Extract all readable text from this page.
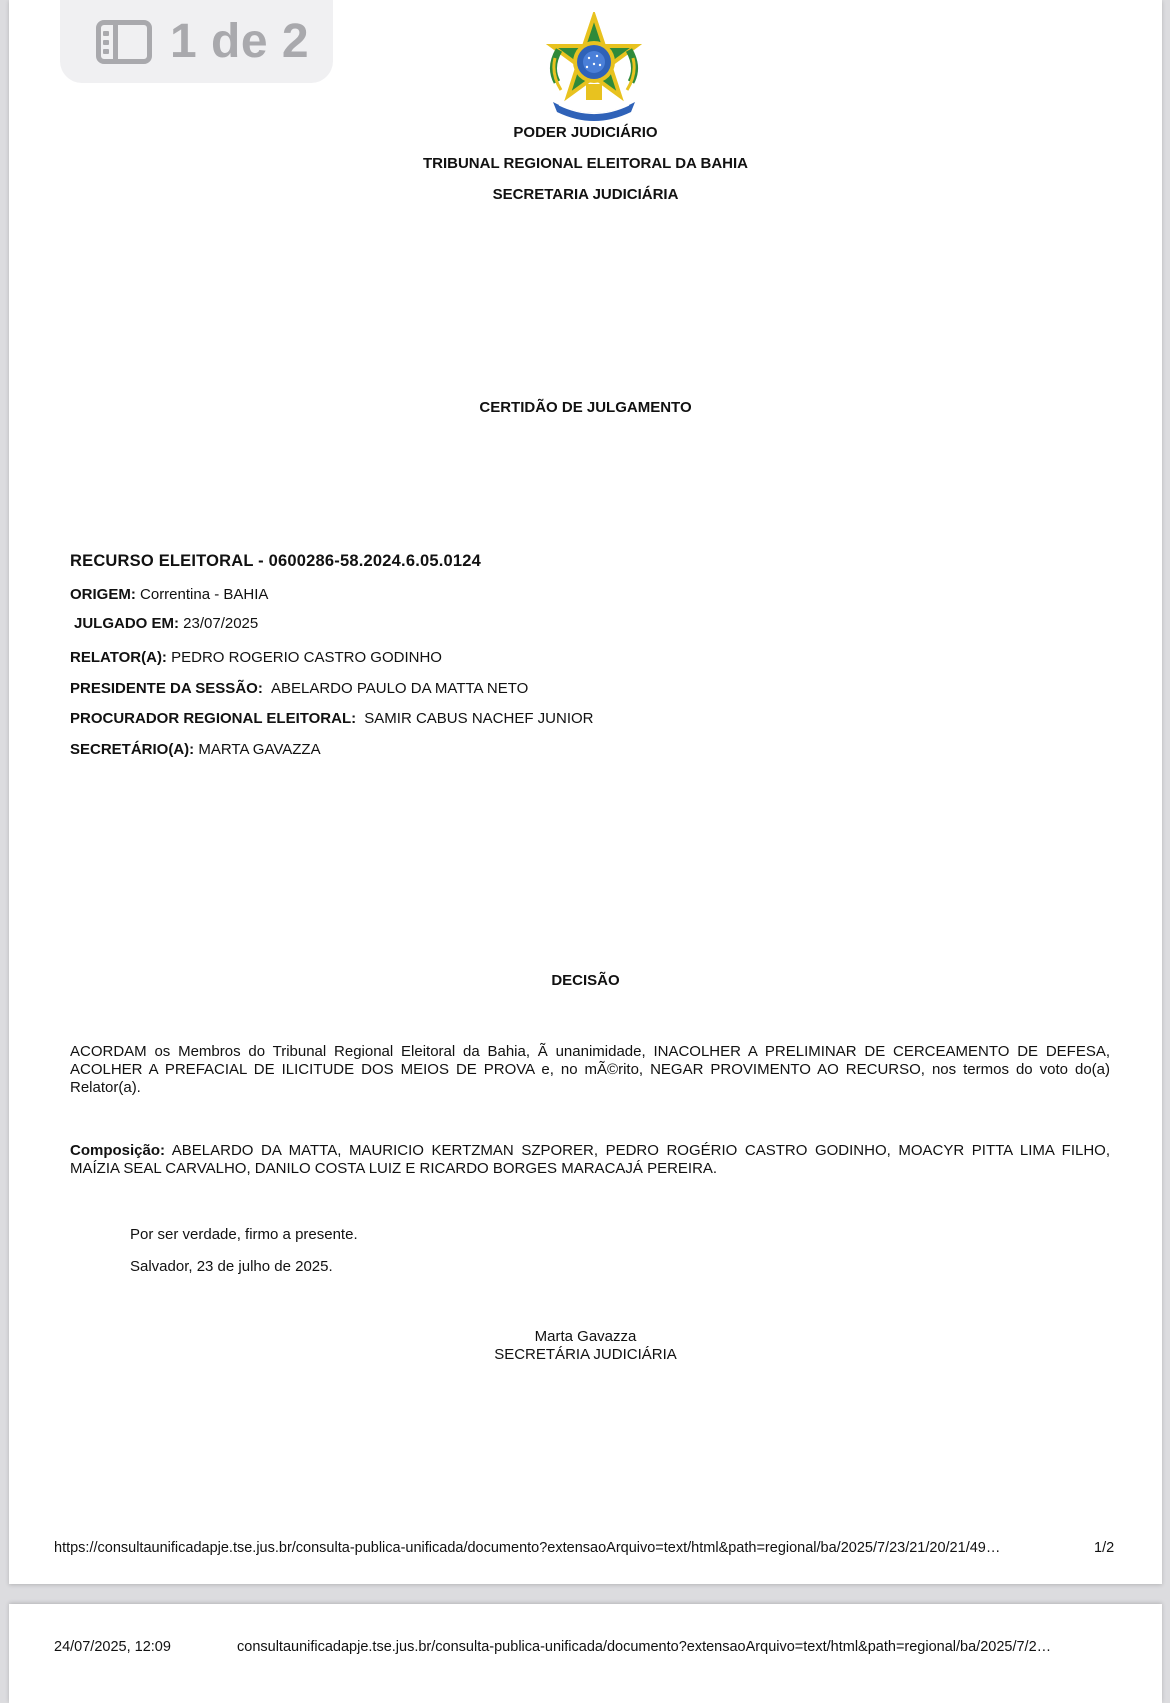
1 de 2
PODER JUDICIÁRIO
TRIBUNAL REGIONAL ELEITORAL DA BAHIA
SECRETARIA JUDICIÁRIA
CERTIDÃO DE JULGAMENTO
RECURSO ELEITORAL - 0600286-58.2024.6.05.0124
ORIGEM: Correntina - BAHIA
JULGADO EM: 23/07/2025
RELATOR(A): PEDRO ROGERIO CASTRO GODINHO
PRESIDENTE DA SESSÃO: ABELARDO PAULO DA MATTA NETO
PROCURADOR REGIONAL ELEITORAL: SAMIR CABUS NACHEF JUNIOR
SECRETÁRIO(A): MARTA GAVAZZA
DECISÃO
ACORDAM os Membros do Tribunal Regional Eleitoral da Bahia, Ã unanimidade, INACOLHER A PRELIMINAR DE CERCEAMENTO DE DEFESA, ACOLHER A PREFACIAL DE ILICITUDE DOS MEIOS DE PROVA e, no mÃ©rito, NEGAR PROVIMENTO AO RECURSO, nos termos do voto do(a) Relator(a).
Composição: ABELARDO DA MATTA, MAURICIO KERTZMAN SZPORER, PEDRO ROGÉRIO CASTRO GODINHO, MOACYR PITTA LIMA FILHO, MAÍZIA SEAL CARVALHO, DANILO COSTA LUIZ E RICARDO BORGES MARACAJÁ PEREIRA.
Por ser verdade, firmo a presente.
Salvador, 23 de julho de 2025.
Marta Gavazza
SECRETÁRIA JUDICIÁRIA
https://consultaunificadapje.tse.jus.br/consulta-publica-unificada/documento?extensaoArquivo=text/html&path=regional/ba/2025/7/23/21/20/21/49…	1/2
24/07/2025, 12:09	consultaunificadapje.tse.jus.br/consulta-publica-unificada/documento?extensaoArquivo=text/html&path=regional/ba/2025/7/2…
